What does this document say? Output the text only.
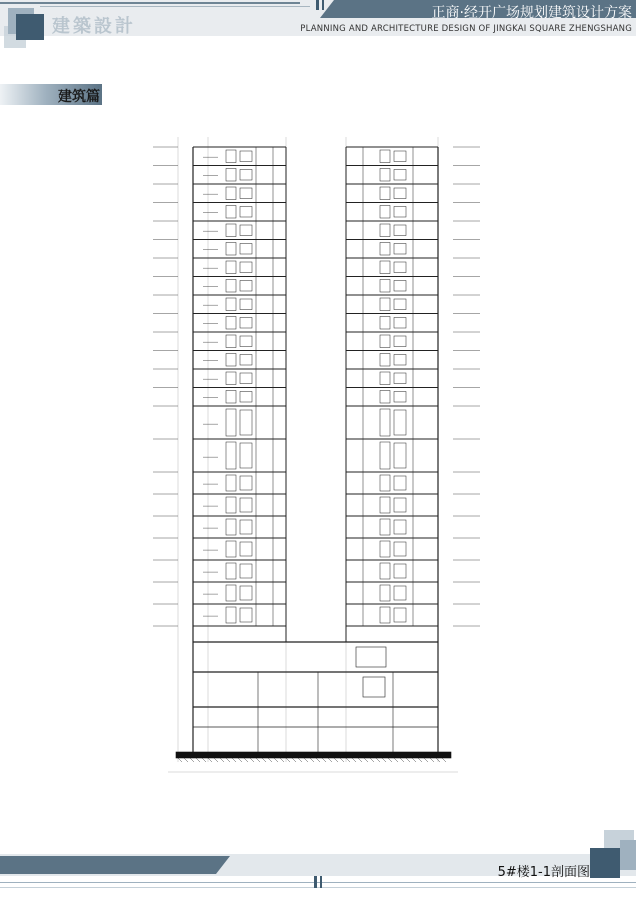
建築設計
正商·经开广场规划建筑设计方案
PLANNING AND ARCHITECTURE DESIGN OF JINGKAI SQUARE ZHENGSHANG
建筑篇
5#楼1-1剖面图
